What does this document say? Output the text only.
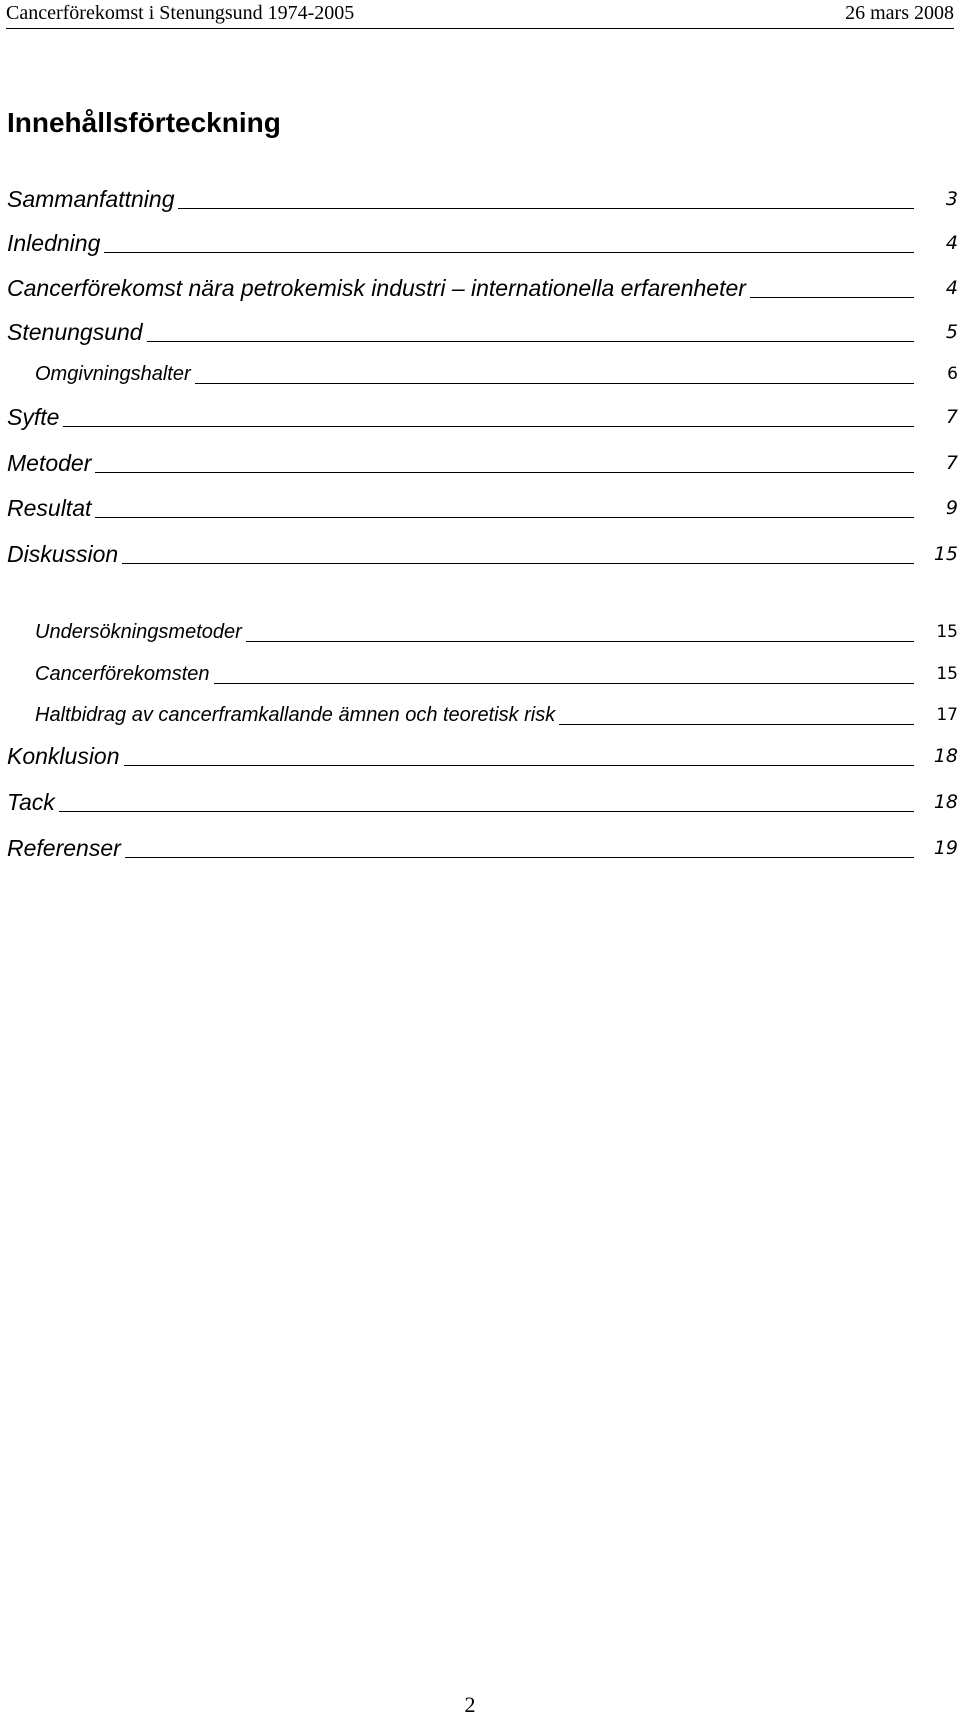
Cancerförekomst i Stenungsund 1974-2005	26 mars 2008
Innehållsförteckning
Sammanfattning	3
Inledning	4
Cancerförekomst nära petrokemisk industri – internationella erfarenheter	4
Stenungsund	5
Omgivningshalter	6
Syfte	7
Metoder	7
Resultat	9
Diskussion	15
Undersökningsmetoder	15
Cancerförekomsten	15
Haltbidrag av cancerframkallande ämnen och teoretisk risk	17
Konklusion	18
Tack	18
Referenser	19
2
